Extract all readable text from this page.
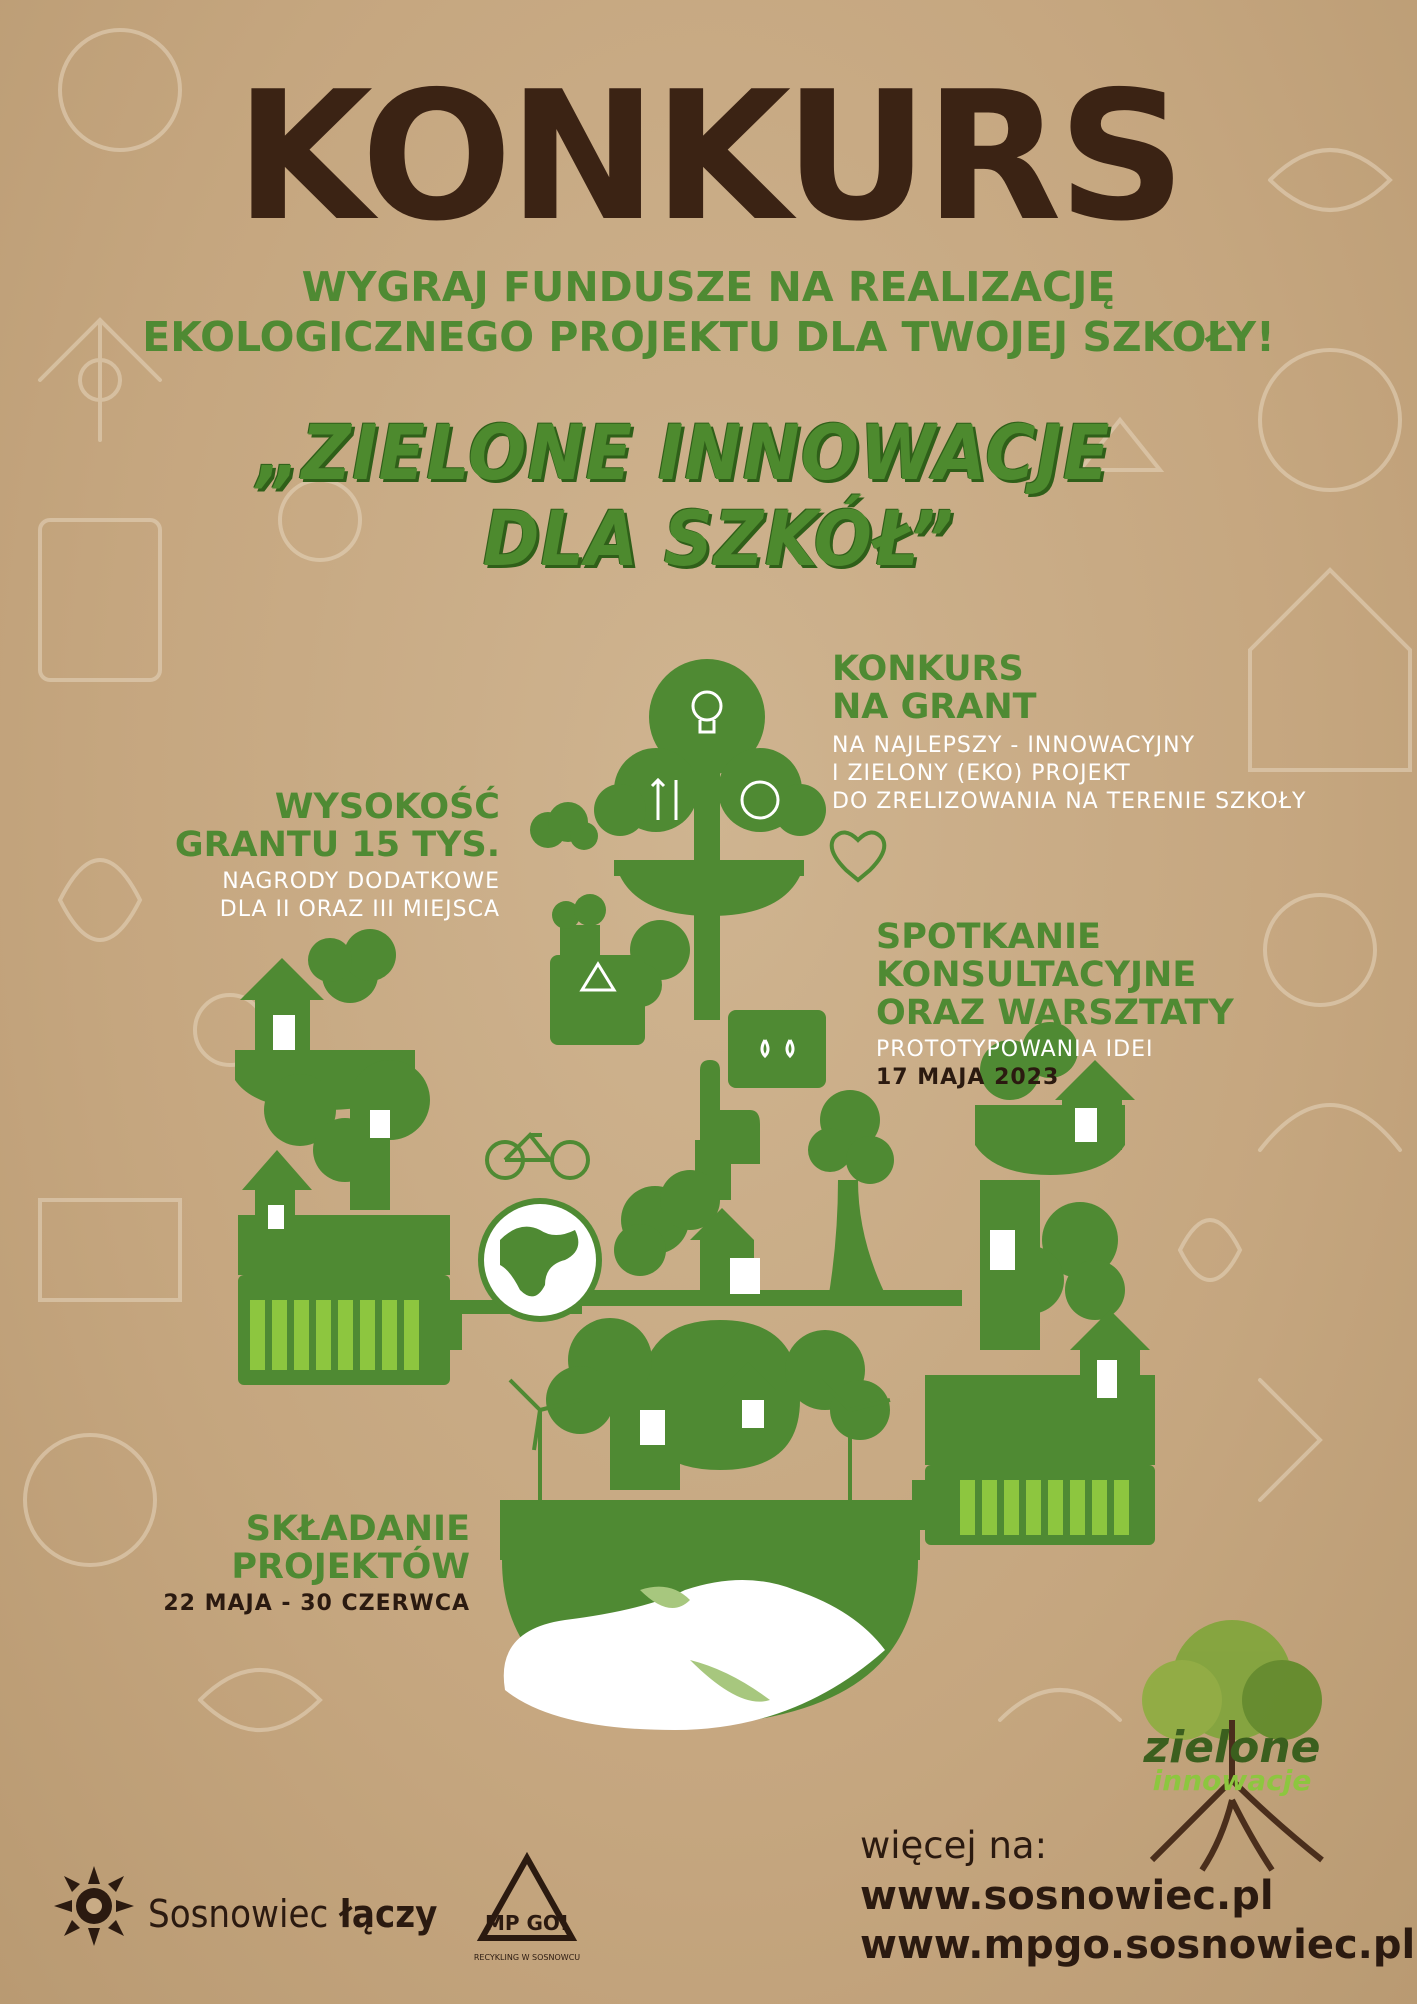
KONKURS
WYGRAJ FUNDUSZE NA REALIZACJĘ
EKOLOGICZNEGO PROJEKTU DLA TWOJEJ SZKOŁY!
„ZIELONE INNOWACJE
DLA SZKÓŁ”
KONKURS
NA GRANT
NA NAJLEPSZY - INNOWACYJNY
I ZIELONY (EKO) PROJEKT
DO ZRELIZOWANIA NA TERENIE SZKOŁY
WYSOKOŚĆ
GRANTU 15 TYS.
NAGRODY DODATKOWE
DLA II ORAZ III MIEJSCA
SPOTKANIE
KONSULTACYJNE
ORAZ WARSZTATY
PROTOTYPOWANIA IDEI
17 MAJA 2023
SKŁADANIE
PROJEKTÓW
22 MAJA - 30 CZERWCA
zielone
innowacje
Sosnowiec łączy MP GO!
RECYKLING W SOSNOWCU
więcej na:
www.sosnowiec.pl
www.mpgo.sosnowiec.pl
